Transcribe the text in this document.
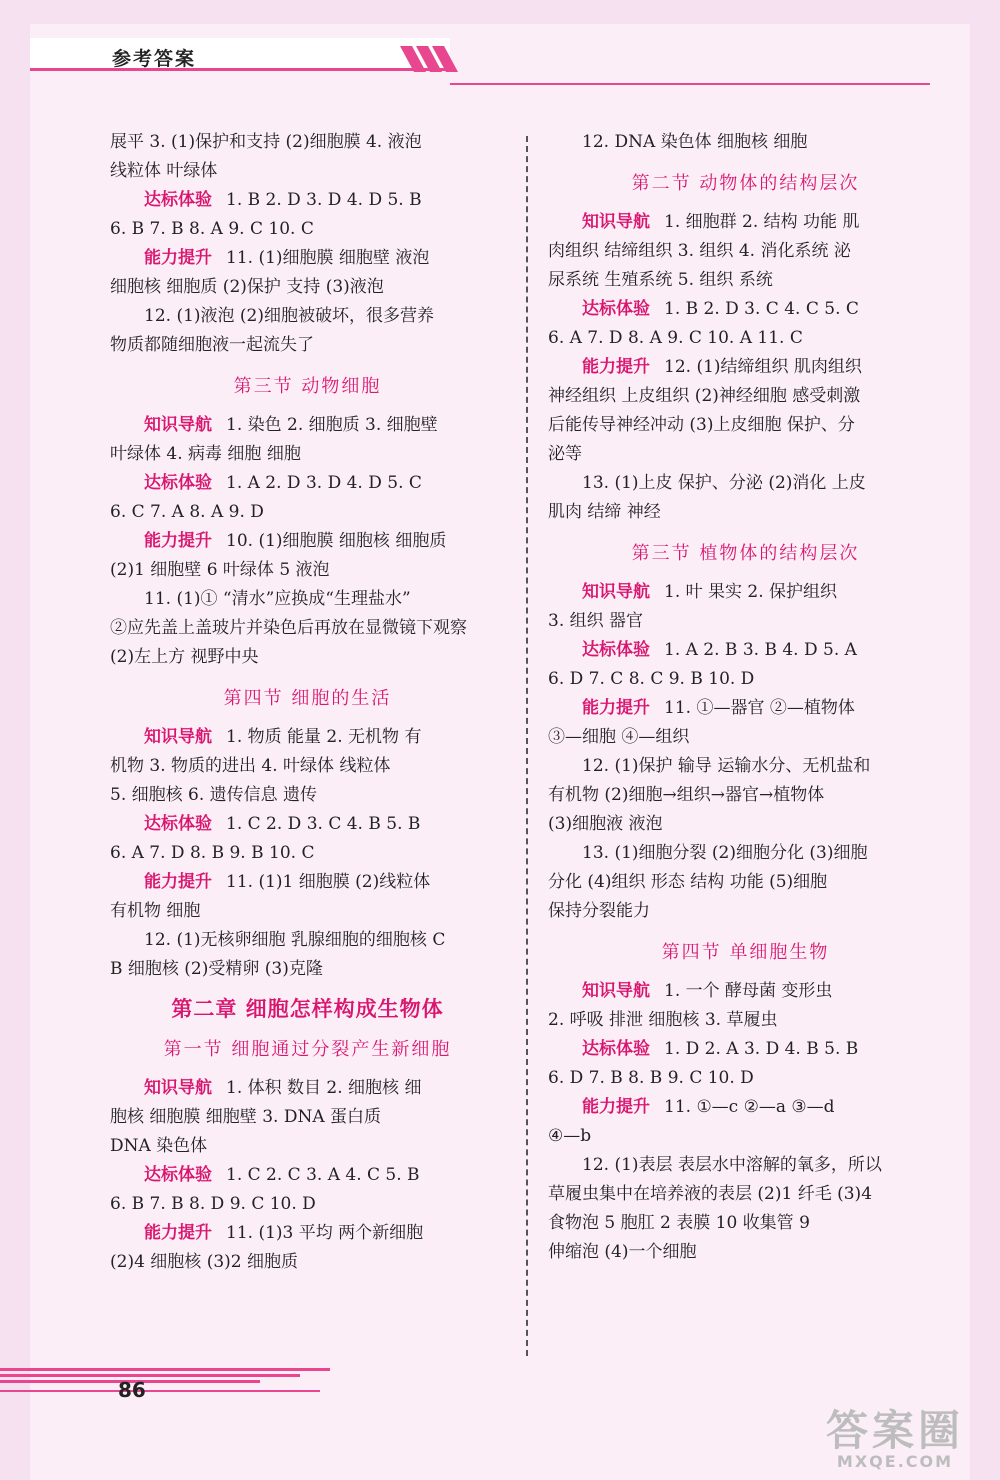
参考答案
展平 3. (1)保护和支持 (2)细胞膜 4. 液泡
线粒体 叶绿体
达标体验 1. B 2. D 3. D 4. D 5. B
6. B 7. B 8. A 9. C 10. C
能力提升 11. (1)细胞膜 细胞壁 液泡
细胞核 细胞质 (2)保护 支持 (3)液泡
12. (1)液泡 (2)细胞被破坏，很多营养
物质都随细胞液一起流失了
第三节 动物细胞
知识导航 1. 染色 2. 细胞质 3. 细胞壁
叶绿体 4. 病毒 细胞 细胞
达标体验 1. A 2. D 3. D 4. D 5. C
6. C 7. A 8. A 9. D
能力提升 10. (1)细胞膜 细胞核 细胞质
(2)1 细胞壁 6 叶绿体 5 液泡
11. (1)① “清水”应换成“生理盐水”
②应先盖上盖玻片并染色后再放在显微镜下观察
(2)左上方 视野中央
第四节 细胞的生活
知识导航 1. 物质 能量 2. 无机物 有
机物 3. 物质的进出 4. 叶绿体 线粒体
5. 细胞核 6. 遗传信息 遗传
达标体验 1. C 2. D 3. C 4. B 5. B
6. A 7. D 8. B 9. B 10. C
能力提升 11. (1)1 细胞膜 (2)线粒体
有机物 细胞
12. (1)无核卵细胞 乳腺细胞的细胞核 C
B 细胞核 (2)受精卵 (3)克隆
第二章 细胞怎样构成生物体
第一节 细胞通过分裂产生新细胞
知识导航 1. 体积 数目 2. 细胞核 细
胞核 细胞膜 细胞壁 3. DNA 蛋白质
DNA 染色体
达标体验 1. C 2. C 3. A 4. C 5. B
6. B 7. B 8. D 9. C 10. D
能力提升 11. (1)3 平均 两个新细胞
(2)4 细胞核 (3)2 细胞质
12. DNA 染色体 细胞核 细胞
第二节 动物体的结构层次
知识导航 1. 细胞群 2. 结构 功能 肌
肉组织 结缔组织 3. 组织 4. 消化系统 泌
尿系统 生殖系统 5. 组织 系统
达标体验 1. B 2. D 3. C 4. C 5. C
6. A 7. D 8. A 9. C 10. A 11. C
能力提升 12. (1)结缔组织 肌肉组织
神经组织 上皮组织 (2)神经细胞 感受刺激
后能传导神经冲动 (3)上皮细胞 保护、分
泌等
13. (1)上皮 保护、分泌 (2)消化 上皮
肌肉 结缔 神经
第三节 植物体的结构层次
知识导航 1. 叶 果实 2. 保护组织
3. 组织 器官
达标体验 1. A 2. B 3. B 4. D 5. A
6. D 7. C 8. C 9. B 10. D
能力提升 11. ①—器官 ②—植物体
③—细胞 ④—组织
12. (1)保护 输导 运输水分、无机盐和
有机物 (2)细胞→组织→器官→植物体
(3)细胞液 液泡
13. (1)细胞分裂 (2)细胞分化 (3)细胞
分化 (4)组织 形态 结构 功能 (5)细胞
保持分裂能力
第四节 单细胞生物
知识导航 1. 一个 酵母菌 变形虫
2. 呼吸 排泄 细胞核 3. 草履虫
达标体验 1. D 2. A 3. D 4. B 5. B
6. D 7. B 8. B 9. C 10. D
能力提升 11. ①—c ②—a ③—d
④—b
12. (1)表层 表层水中溶解的氧多，所以
草履虫集中在培养液的表层 (2)1 纤毛 (3)4
食物泡 5 胞肛 2 表膜 10 收集管 9
伸缩泡 (4)一个细胞
86
答案圈
MXQE.COM
